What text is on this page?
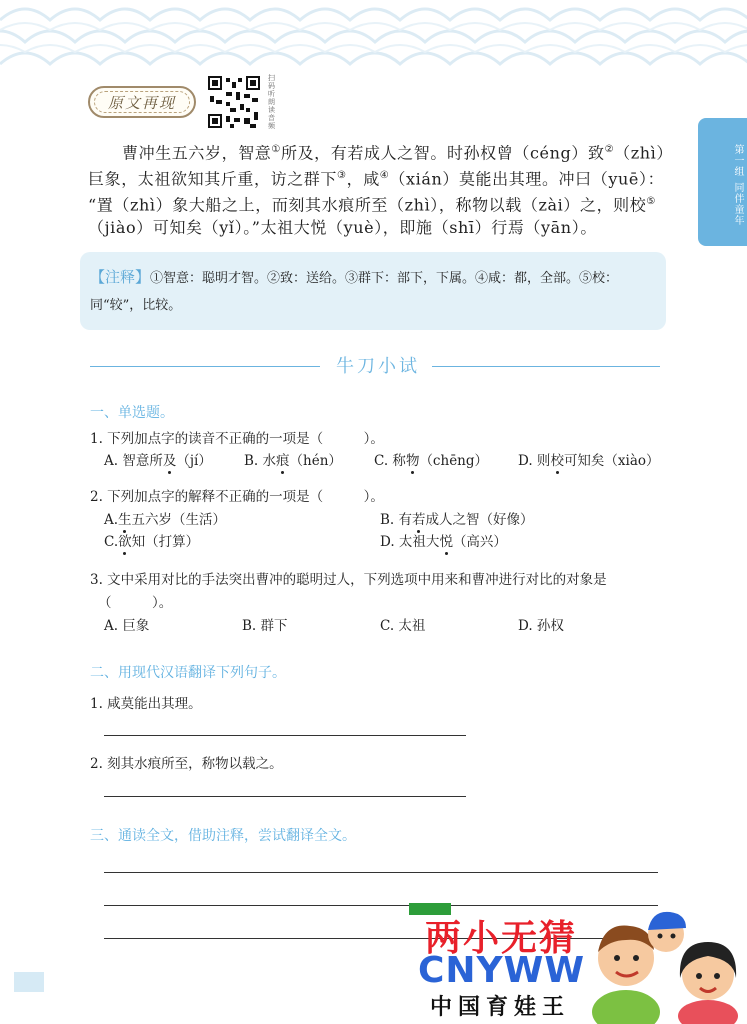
第一组 同伴童年
原文再现
扫码听朗读音频
曹冲生五六岁，智意①所及，有若成人之智。时孙权曾（céng）致②（zhì）
巨象，太祖欲知其斤重，访之群下③，咸④（xián）莫能出其理。冲曰（yuē）：
“置（zhì）象大船之上，而刻其水痕所至（zhì），称物以载（zài）之，则校⑤
（jiào）可知矣（yǐ）。”太祖大悦（yuè），即施（shī）行焉（yān）。
【注释】①智意：聪明才智。②致：送给。③群下：部下，下属。④咸：都，全部。⑤校：
同“较”，比较。
牛刀小试
一、单选题。
1. 下列加点字的读音不正确的一项是（　　　）。
A. 智意所及（jí） B. 水痕（hén） C. 称物（chēng） D. 则校可知矣（xiào）
2. 下列加点字的解释不正确的一项是（　　　）。
A.生五六岁（生活）	B. 有若成人之智（好像）
C.欲知（打算）	D. 太祖大悦（高兴）
3. 文中采用对比的手法突出曹冲的聪明过人，下列选项中用来和曹冲进行对比的对象是
（　　　）。
A. 巨象	B. 群下	C. 太祖	D. 孙权
二、用现代汉语翻译下列句子。
1. 咸莫能出其理。
2. 刻其水痕所至，称物以载之。
三、通读全文，借助注释，尝试翻译全文。
两小无猜
CNYWW
中国育娃王
